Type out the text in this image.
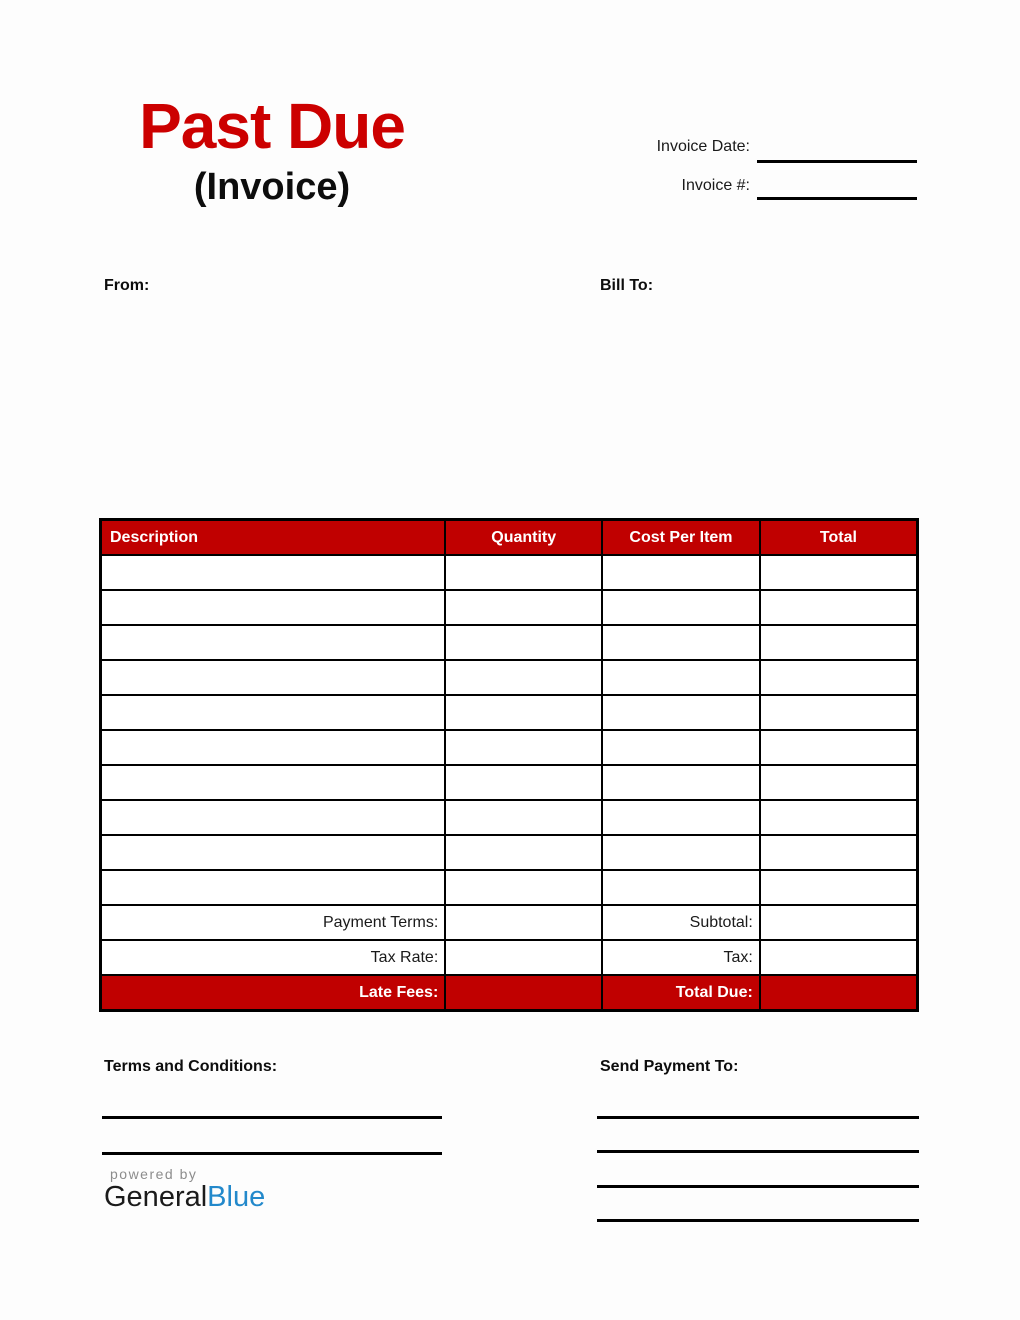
Past Due
(Invoice)
Invoice Date:
Invoice #:
From:	Bill To:
Description	Quantity	Cost Per Item	Total

Payment Terms:		Subtotal:	
Tax Rate:		Tax:	
Late Fees:		Total Due:	
Terms and Conditions:	Send Payment To:
powered by
GeneralBlue
